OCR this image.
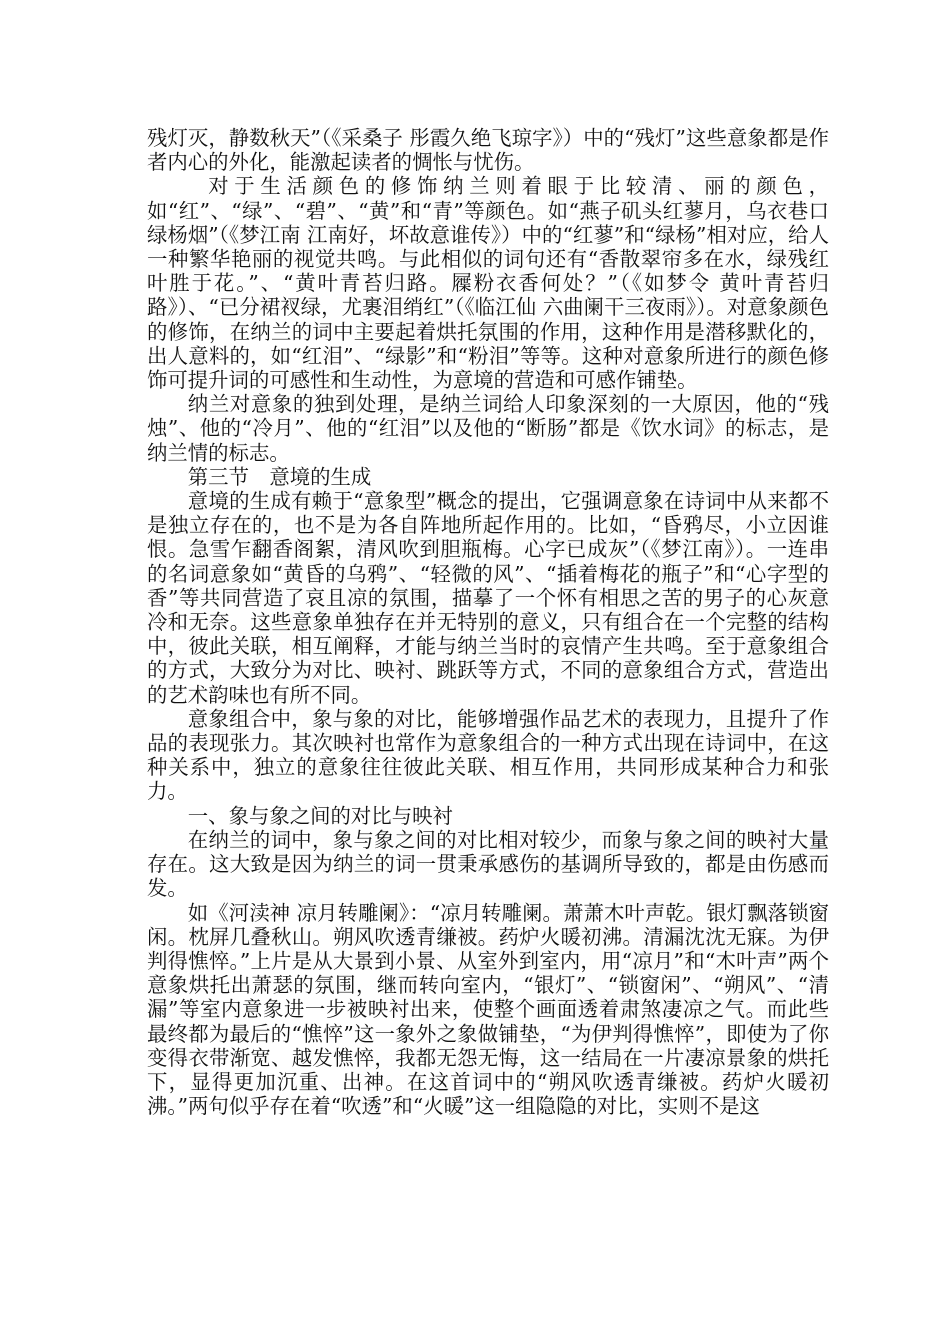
残灯灭，静数秋天”（《采桑子 彤霞久绝飞琼字》）中的“残灯”这些意象都是作者内心的外化，能激起读者的惆怅与忧伤。

对于生活颜色的修饰纳兰则着眼于比较清、丽的颜色，如“红”、“绿”、“碧”、“黄”和“青”等颜色。如“燕子矶头红蓼月，乌衣巷口绿杨烟”（《梦江南 江南好，坏故意谁传》）中的“红蓼”和“绿杨”相对应，给人一种繁华艳丽的视觉共鸣。与此相似的词句还有“香散翠帘多在水，绿残红叶胜于花。”、“黄叶青苔归路。屧粉衣香何处？”（《如梦令 黄叶青苔归路》）、“已分裙衩绿，尤裹泪绡红”（《临江仙 六曲阑干三夜雨》）。对意象颜色的修饰，在纳兰的词中主要起着烘托氛围的作用，这种作用是潜移默化的，出人意料的，如“红泪”、“绿影”和“粉泪”等等。这种对意象所进行的颜色修饰可提升词的可感性和生动性，为意境的营造和可感作铺垫。

纳兰对意象的独到处理，是纳兰词给人印象深刻的一大原因，他的“残烛”、他的“冷月”、他的“红泪”以及他的“断肠”都是《饮水词》的标志，是纳兰情的标志。

第三节　意境的生成

意境的生成有赖于“意象型”概念的提出，它强调意象在诗词中从来都不是独立存在的，也不是为各自阵地所起作用的。比如，“昏鸦尽，小立因谁恨。急雪乍翻香阁絮，清风吹到胆瓶梅。心字已成灰”（《梦江南》）。一连串的名词意象如“黄昏的乌鸦”、“轻微的风”、“插着梅花的瓶子”和“心字型的香”等共同营造了哀且凉的氛围，描摹了一个怀有相思之苦的男子的心灰意冷和无奈。这些意象单独存在并无特别的意义，只有组合在一个完整的结构中，彼此关联，相互阐释，才能与纳兰当时的哀情产生共鸣。至于意象组合的方式，大致分为对比、映衬、跳跃等方式，不同的意象组合方式，营造出的艺术韵味也有所不同。

意象组合中，象与象的对比，能够增强作品艺术的表现力，且提升了作品的表现张力。其次映衬也常作为意象组合的一种方式出现在诗词中，在这种关系中，独立的意象往往彼此关联、相互作用，共同形成某种合力和张力。

一、象与象之间的对比与映衬

在纳兰的词中，象与象之间的对比相对较少，而象与象之间的映衬大量存在。这大致是因为纳兰的词一贯秉承感伤的基调所导致的，都是由伤感而发。

如《河渎神 凉月转雕阑》：“凉月转雕阑。萧萧木叶声乾。银灯飘落锁窗闲。枕屏几叠秋山。朔风吹透青缣被。药炉火暖初沸。清漏沈沈无寐。为伊判得憔悴。”上片是从大景到小景、从室外到室内，用“凉月”和“木叶声”两个意象烘托出萧瑟的氛围，继而转向室内，“银灯”、“锁窗闲”、“朔风”、“清漏”等室内意象进一步被映衬出来，使整个画面透着肃煞凄凉之气。而此些最终都为最后的“憔悴”这一象外之象做铺垫，“为伊判得憔悴”，即使为了你变得衣带渐宽、越发憔悴，我都无怨无悔，这一结局在一片凄凉景象的烘托下，显得更加沉重、出神。在这首词中的“朔风吹透青缣被。药炉火暖初沸。”两句似乎存在着“吹透”和“火暖”这一组隐隐的对比，实则不是这
